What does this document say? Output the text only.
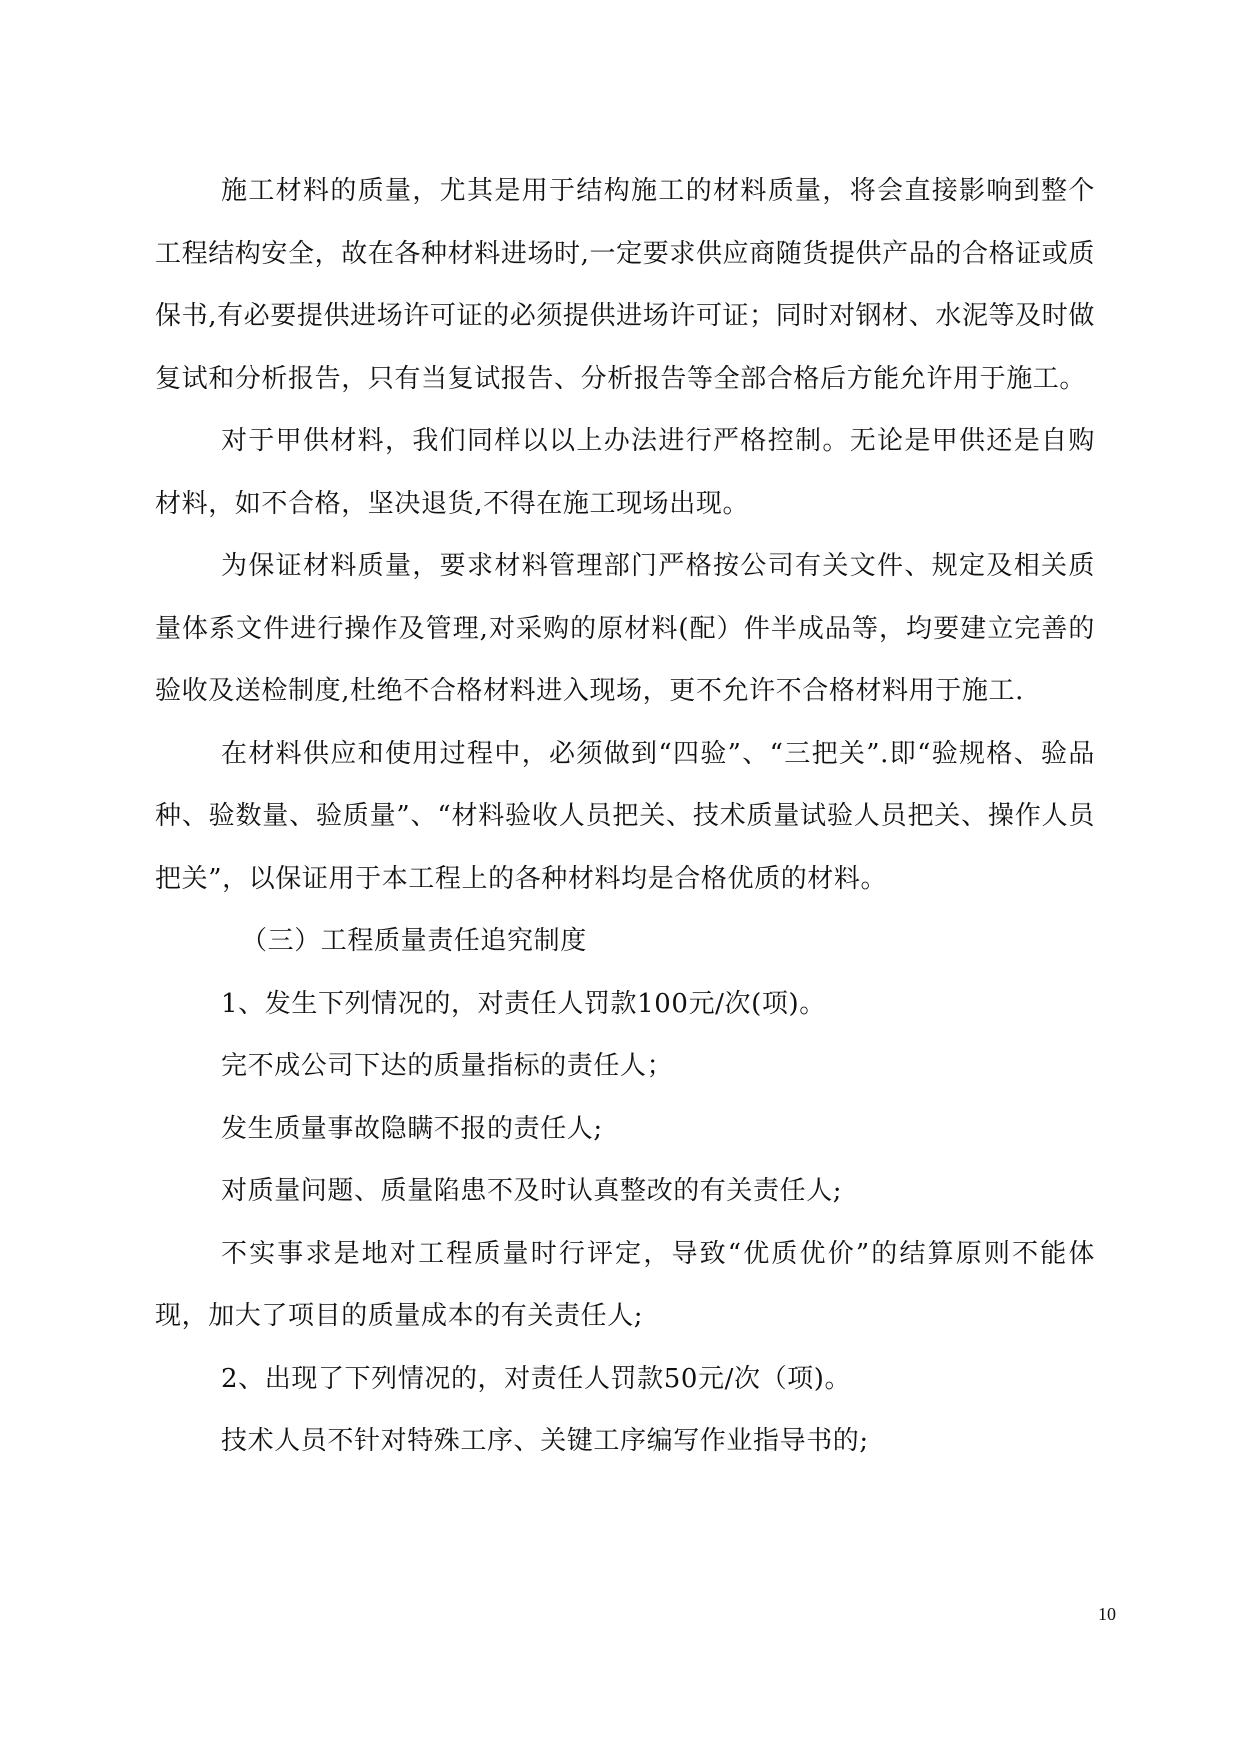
施工材料的质量，尤其是用于结构施工的材料质量，将会直接影响到整个工程结构安全，故在各种材料进场时,一定要求供应商随货提供产品的合格证或质保书,有必要提供进场许可证的必须提供进场许可证；同时对钢材、水泥等及时做复试和分析报告，只有当复试报告、分析报告等全部合格后方能允许用于施工。

对于甲供材料，我们同样以以上办法进行严格控制。无论是甲供还是自购材料，如不合格，坚决退货,不得在施工现场出现。

为保证材料质量，要求材料管理部门严格按公司有关文件、规定及相关质量体系文件进行操作及管理,对采购的原材料(配）件半成品等，均要建立完善的验收及送检制度,杜绝不合格材料进入现场，更不允许不合格材料用于施工.

在材料供应和使用过程中，必须做到“四验”、“三把关”.即“验规格、验品种、验数量、验质量”、“材料验收人员把关、技术质量试验人员把关、操作人员把关”，以保证用于本工程上的各种材料均是合格优质的材料。

（三）工程质量责任追究制度

1、发生下列情况的，对责任人罚款100元/次(项)。

完不成公司下达的质量指标的责任人；

发生质量事故隐瞒不报的责任人;

对质量问题、质量陷患不及时认真整改的有关责任人;

不实事求是地对工程质量时行评定，导致“优质优价”的结算原则不能体现，加大了项目的质量成本的有关责任人;

2、出现了下列情况的，对责任人罚款50元/次（项)。

技术人员不针对特殊工序、关键工序编写作业指导书的;

10
